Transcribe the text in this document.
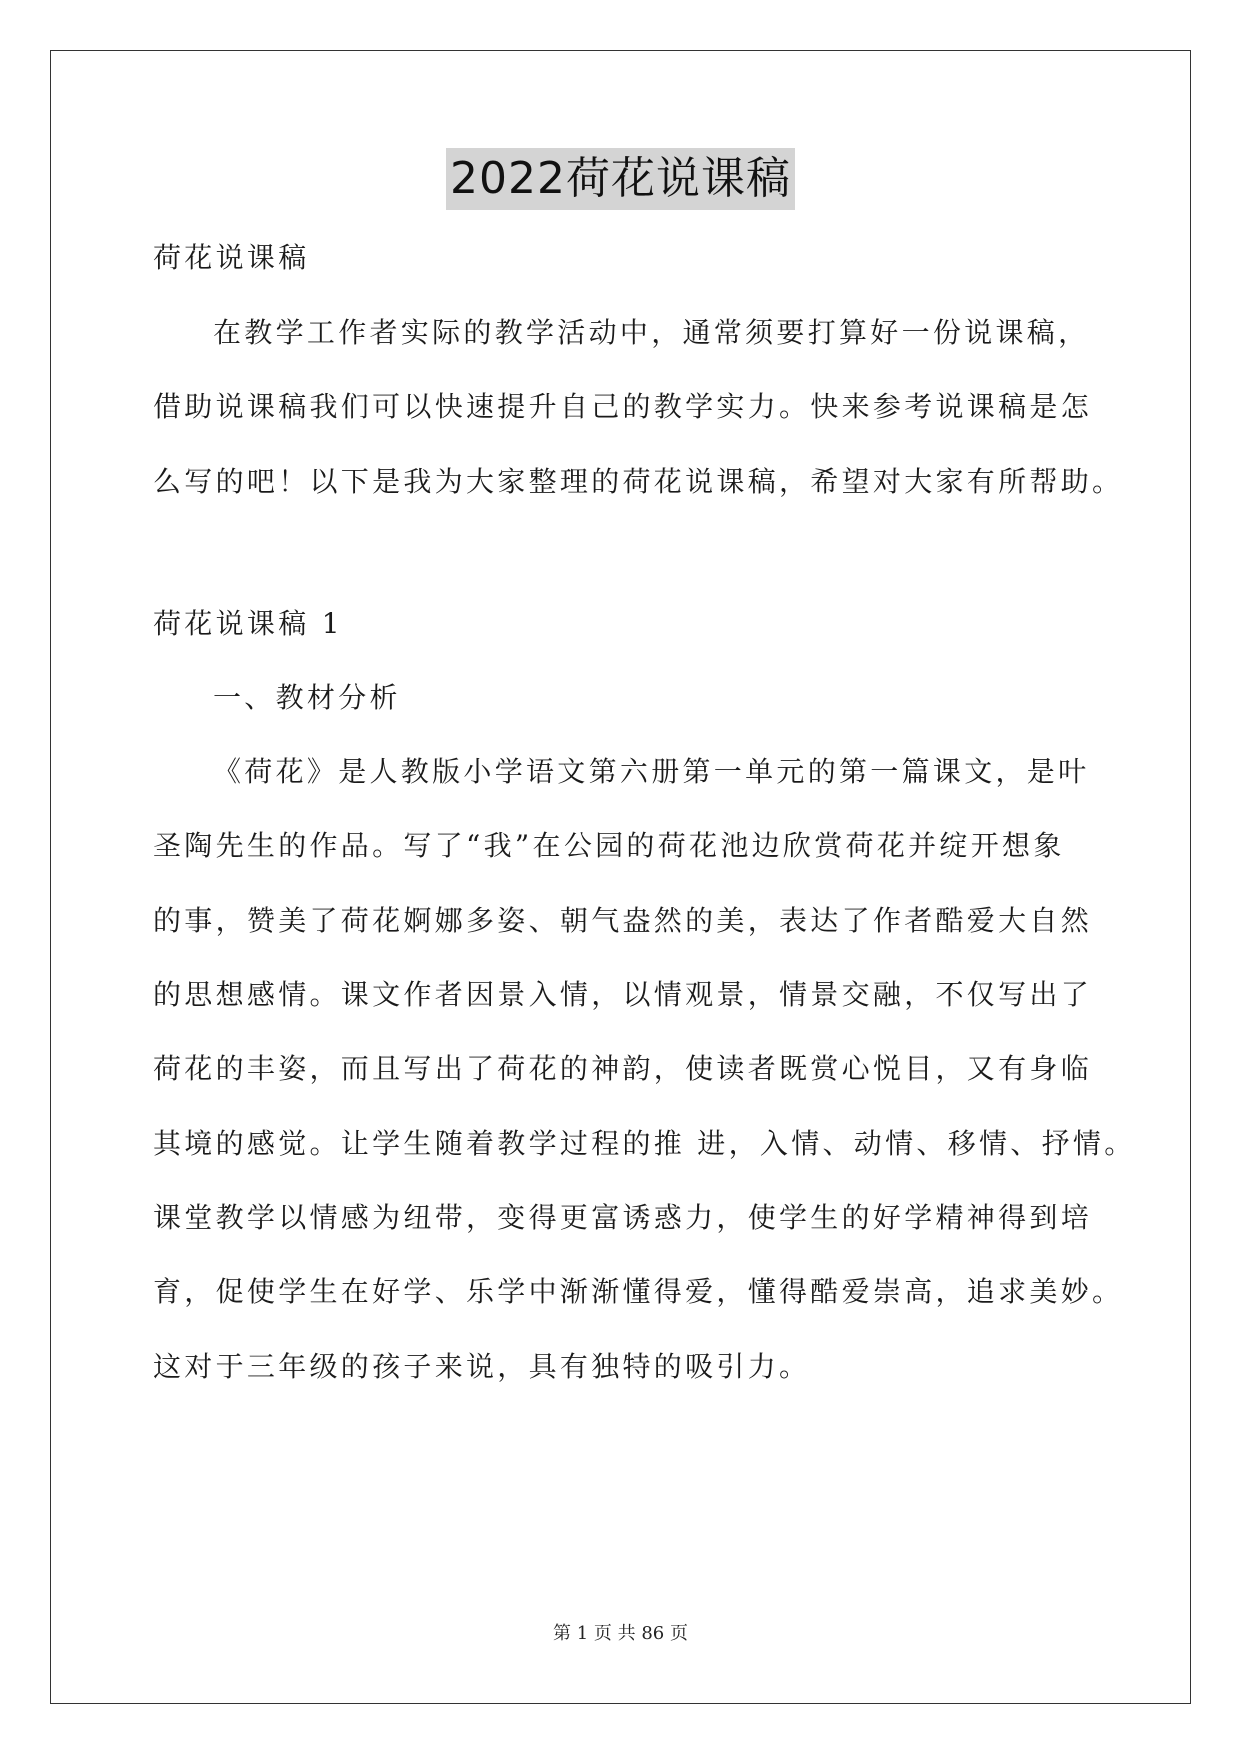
2022荷花说课稿
荷花说课稿
在教学工作者实际的教学活动中，通常须要打算好一份说课稿，
借助说课稿我们可以快速提升自己的教学实力。快来参考说课稿是怎
么写的吧！以下是我为大家整理的荷花说课稿，希望对大家有所帮助。
荷花说课稿 1
一、教材分析
《荷花》是人教版小学语文第六册第一单元的第一篇课文，是叶
圣陶先生的作品。写了“我”在公园的荷花池边欣赏荷花并绽开想象
的事，赞美了荷花婀娜多姿、朝气盎然的美，表达了作者酷爱大自然
的思想感情。课文作者因景入情，以情观景，情景交融，不仅写出了
荷花的丰姿，而且写出了荷花的神韵，使读者既赏心悦目，又有身临
其境的感觉。让学生随着教学过程的推 进，入情、动情、移情、抒情。
课堂教学以情感为纽带，变得更富诱惑力，使学生的好学精神得到培
育，促使学生在好学、乐学中渐渐懂得爱，懂得酷爱崇高，追求美妙。
这对于三年级的孩子来说，具有独特的吸引力。
第 1 页 共 86 页
